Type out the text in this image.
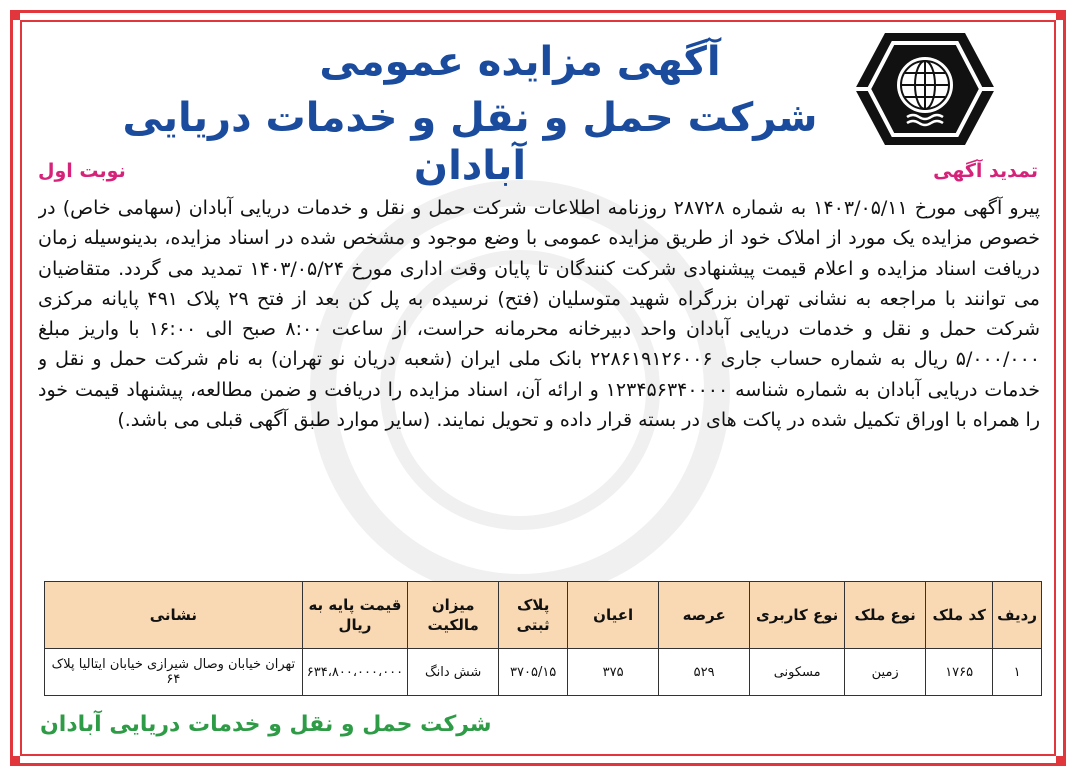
آگهی مزایده عمومی
شرکت حمل و نقل و خدمات دریایی آبادان	تمدید آگهی
نوبت اول
پیرو آگهی مورخ ۱۴۰۳/۰۵/۱۱ به شماره ۲۸۷۲۸ روزنامه اطلاعات شرکت حمل و نقل و خدمات دریایی آبادان (سهامی خاص) در خصوص مزایده یک مورد از املاک خود از طریق مزایده عمومی با وضع موجود و مشخص شده در اسناد مزایده، بدینوسیله زمان دریافت اسناد مزایده و اعلام قیمت پیشنهادی شرکت کنندگان تا پایان وقت اداری مورخ ۱۴۰۳/۰۵/۲۴ تمدید می گردد. متقاضیان می توانند با مراجعه به نشانی تهران بزرگراه شهید متوسلیان (فتح) نرسیده به پل کن بعد از فتح ۲۹ پلاک ۴۹۱ پایانه مرکزی شرکت حمل و نقل و خدمات دریایی آبادان واحد دبیرخانه محرمانه حراست، از ساعت ۸:۰۰ صبح الی ۱۶:۰۰ با واریز مبلغ ۵/۰۰۰/۰۰۰ ریال به شماره حساب جاری ۲۲۸۶۱۹۱۲۶۰۰۶ بانک ملی ایران (شعبه دریان نو تهران) به نام شرکت حمل و نقل و خدمات دریایی آبادان به شماره شناسه ۱۲۳۴۵۶۳۴۰۰۰۰ و ارائه آن، اسناد مزایده را دریافت و ضمن مطالعه، پیشنهاد قیمت خود را همراه با اوراق تکمیل شده در پاکت های در بسته قرار داده و تحویل نمایند. (سایر موارد طبق آگهی قبلی می باشد.)
ردیف	کد ملک	نوع ملک	نوع کاربری	عرصه	اعیان	پلاک ثبتی	میزان مالکیت	قیمت پایه به ریال	نشانی
۱	۱۷۶۵	زمین	مسکونی	۵۲۹	۳۷۵	۳۷۰۵/۱۵	شش دانگ	۶۳۴،۸۰۰،۰۰۰،۰۰۰	تهران خیابان وصال شیرازی خیابان ایتالیا پلاک ۶۴
شرکت حمل و نقل و خدمات دریایی آبادان
